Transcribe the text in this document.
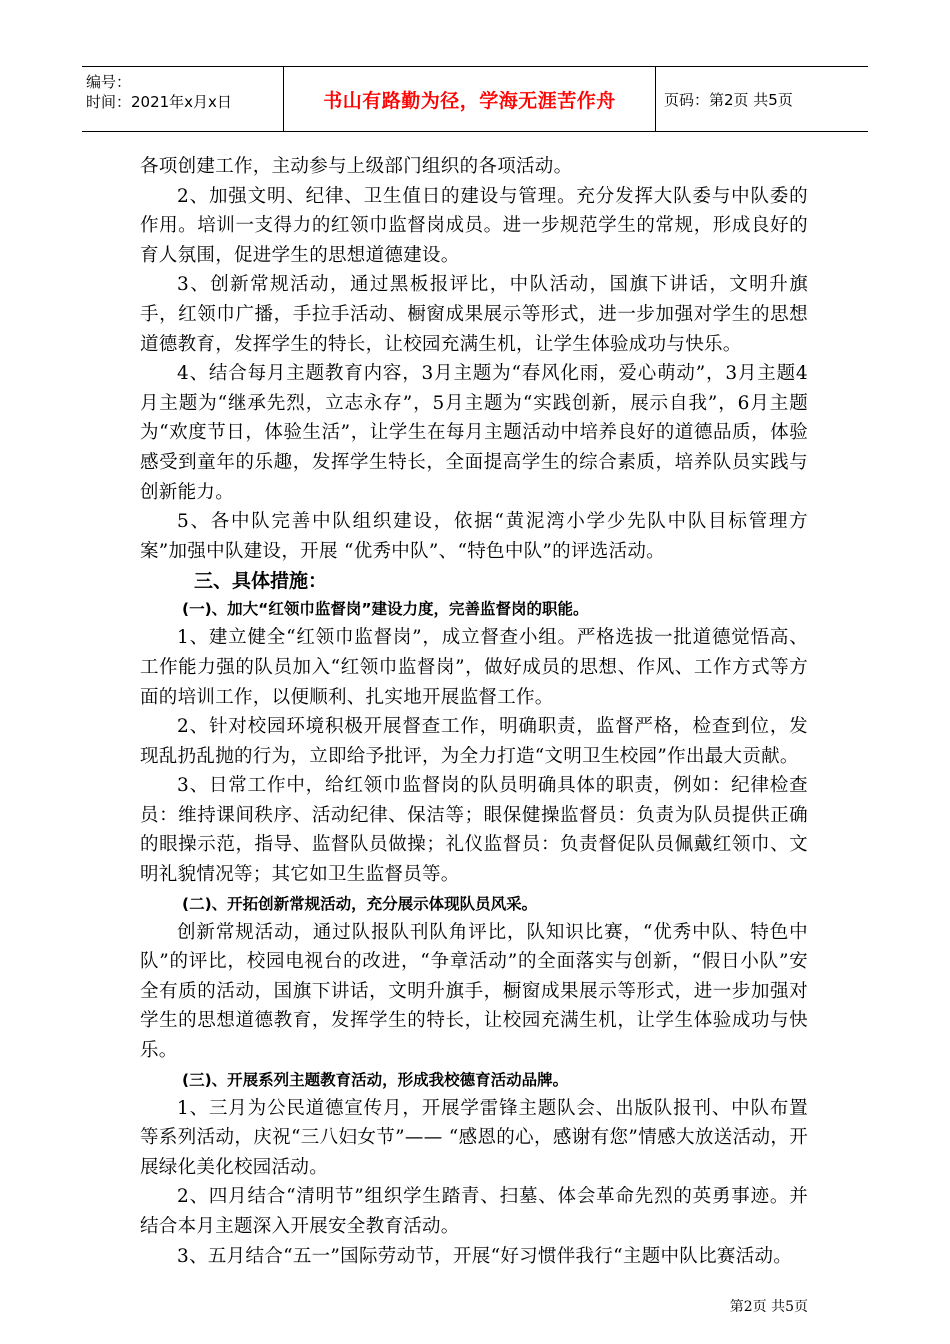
编号：
时间：2021年x月x日	书山有路勤为径，学海无涯苦作舟	页码：第2页 共5页

各项创建工作，主动参与上级部门组织的各项活动。

2、加强文明、纪律、卫生值日的建设与管理。充分发挥大队委与中队委的作用。培训一支得力的红领巾监督岗成员。进一步规范学生的常规，形成良好的育人氛围，促进学生的思想道德建设。

3、创新常规活动，通过黑板报评比，中队活动，国旗下讲话，文明升旗手，红领巾广播，手拉手活动、橱窗成果展示等形式，进一步加强对学生的思想道德教育，发挥学生的特长，让校园充满生机，让学生体验成功与快乐。

4、结合每月主题教育内容，3月主题为“春风化雨，爱心萌动”，3月主题4月主题为“继承先烈，立志永存”，5月主题为“实践创新，展示自我”，6月主题为“欢度节日，体验生活”，让学生在每月主题活动中培养良好的道德品质，体验感受到童年的乐趣，发挥学生特长，全面提高学生的综合素质，培养队员实践与创新能力。

5、各中队完善中队组织建设，依据“黄泥湾小学少先队中队目标管理方案”加强中队建设，开展 “优秀中队”、“特色中队”的评选活动。

三、具体措施：

(一)、加大“红领巾监督岗”建设力度，完善监督岗的职能。

1、建立健全“红领巾监督岗”，成立督查小组。严格选拔一批道德觉悟高、工作能力强的队员加入“红领巾监督岗”，做好成员的思想、作风、工作方式等方面的培训工作，以便顺利、扎实地开展监督工作。

2、针对校园环境积极开展督查工作，明确职责，监督严格，检查到位，发现乱扔乱抛的行为，立即给予批评，为全力打造“文明卫生校园”作出最大贡献。

3、日常工作中，给红领巾监督岗的队员明确具体的职责，例如：纪律检查员：维持课间秩序、活动纪律、保洁等；眼保健操监督员：负责为队员提供正确的眼操示范，指导、监督队员做操；礼仪监督员：负责督促队员佩戴红领巾、文明礼貌情况等；其它如卫生监督员等。

(二)、开拓创新常规活动，充分展示体现队员风采。

创新常规活动，通过队报队刊队角评比，队知识比赛，“优秀中队、特色中队”的评比，校园电视台的改进，“争章活动”的全面落实与创新，“假日小队”安全有质的活动，国旗下讲话，文明升旗手，橱窗成果展示等形式，进一步加强对学生的思想道德教育，发挥学生的特长，让校园充满生机，让学生体验成功与快乐。

(三)、开展系列主题教育活动，形成我校德育活动品牌。

1、三月为公民道德宣传月，开展学雷锋主题队会、出版队报刊、中队布置等系列活动，庆祝“三八妇女节”—— “感恩的心，感谢有您”情感大放送活动，开展绿化美化校园活动。

2、四月结合“清明节”组织学生踏青、扫墓、体会革命先烈的英勇事迹。并结合本月主题深入开展安全教育活动。

3、五月结合“五一”国际劳动节，开展“好习惯伴我行“主题中队比赛活动。

第2页 共5页
